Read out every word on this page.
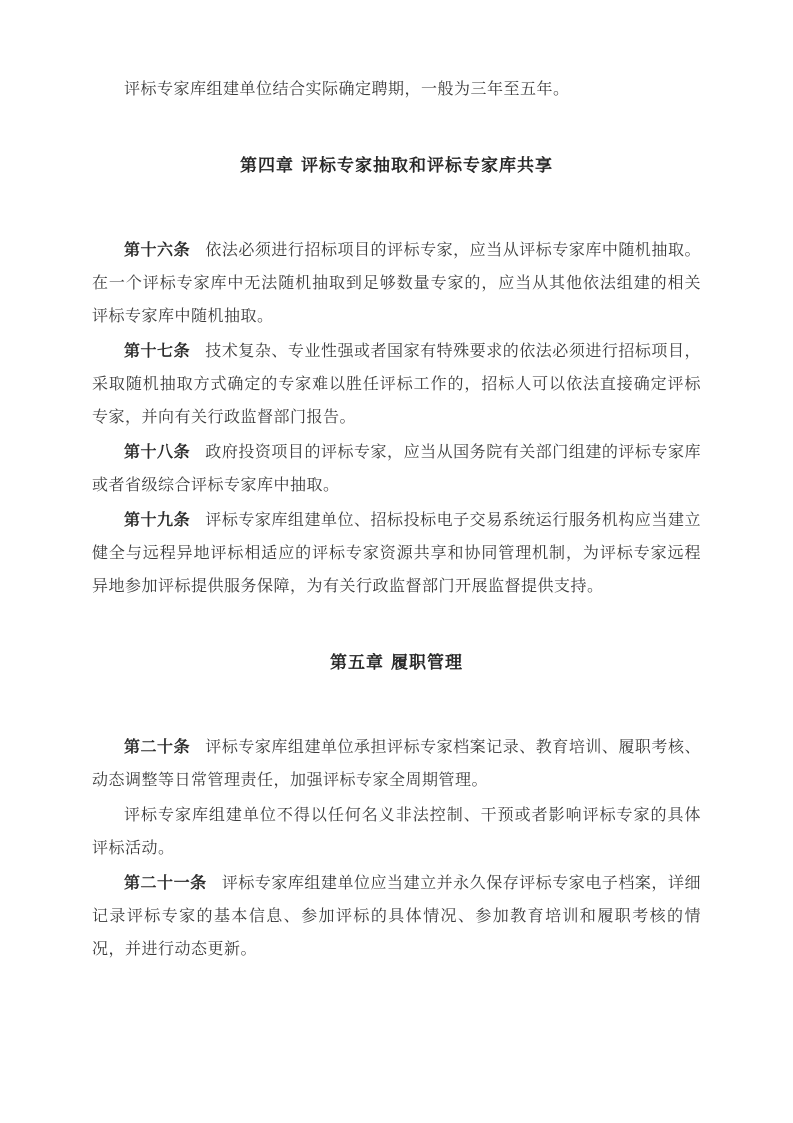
评标专家库组建单位结合实际确定聘期，一般为三年至五年。

第四章 评标专家抽取和评标专家库共享

第十六条 依法必须进行招标项目的评标专家，应当从评标专家库中随机抽取。在一个评标专家库中无法随机抽取到足够数量专家的，应当从其他依法组建的相关评标专家库中随机抽取。

第十七条 技术复杂、专业性强或者国家有特殊要求的依法必须进行招标项目，采取随机抽取方式确定的专家难以胜任评标工作的，招标人可以依法直接确定评标专家，并向有关行政监督部门报告。

第十八条 政府投资项目的评标专家，应当从国务院有关部门组建的评标专家库或者省级综合评标专家库中抽取。

第十九条 评标专家库组建单位、招标投标电子交易系统运行服务机构应当建立健全与远程异地评标相适应的评标专家资源共享和协同管理机制，为评标专家远程异地参加评标提供服务保障，为有关行政监督部门开展监督提供支持。

第五章 履职管理

第二十条 评标专家库组建单位承担评标专家档案记录、教育培训、履职考核、动态调整等日常管理责任，加强评标专家全周期管理。

评标专家库组建单位不得以任何名义非法控制、干预或者影响评标专家的具体评标活动。

第二十一条 评标专家库组建单位应当建立并永久保存评标专家电子档案，详细记录评标专家的基本信息、参加评标的具体情况、参加教育培训和履职考核的情况，并进行动态更新。
